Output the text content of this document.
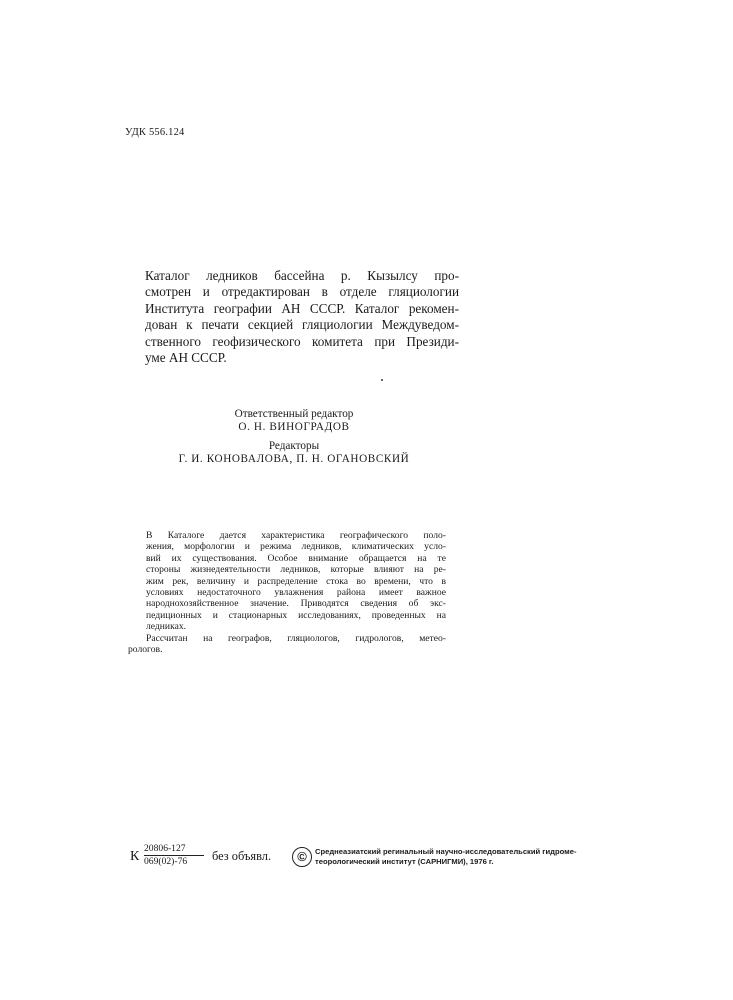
УДК 556.124

Каталог ледников бассейна р. Кызылсу про-
смотрен и отредактирован в отделе гляциологии
Института географии АН СССР. Каталог рекомен-
дован к печати секцией гляциологии Междуведом-
ственного геофизического комитета при Президи-
уме АН СССР.

Ответственный редактор
О. Н. ВИНОГРАДОВ
Редакторы
Г. И. КОНОВАЛОВА, П. Н. ОГАНОВСКИЙ

В Каталоге дается характеристика географического поло-
жения, морфологии и режима ледников, климатических усло-
вий их существования. Особое внимание обращается на те
стороны жизнедеятельности ледников, которые влияют на ре-
жим рек, величину и распределение стока во времени, что в
условиях недостаточного увлажнения района имеет важное
народнохозяйственное значение. Приводятся сведения об экс-
педиционных и стационарных исследованиях, проведенных на
ледниках.

Рассчитан на географов, гляциологов, гидрологов, метео-
рологов.

К
20806-127
069(02)-76 без объявл.	©	Среднеазиатский регинальный научно-исследовательский гидроме-
теорологический институт (САРНИГМИ), 1976 г.
